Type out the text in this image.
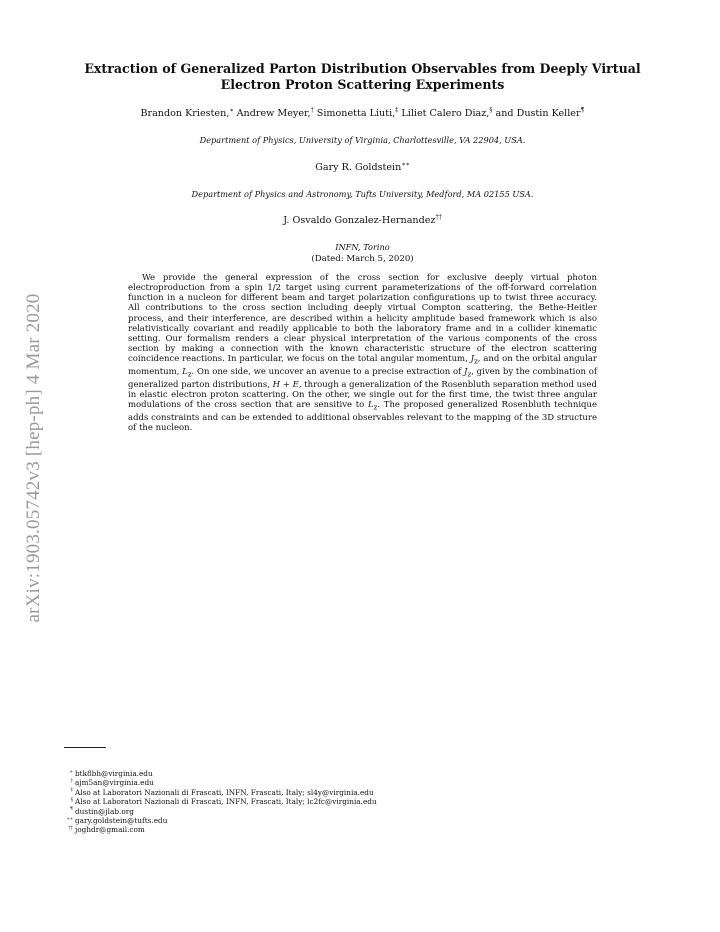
arXiv:1903.05742v3 [hep-ph] 4 Mar 2020
Extraction of Generalized Parton Distribution Observables from Deeply Virtual
Electron Proton Scattering Experiments
Brandon Kriesten,∗ Andrew Meyer,† Simonetta Liuti,‡ Liliet Calero Diaz,§ and Dustin Keller¶
Department of Physics, University of Virginia, Charlottesville, VA 22904, USA.
Gary R. Goldstein∗∗
Department of Physics and Astronomy, Tufts University, Medford, MA 02155 USA.
J. Osvaldo Gonzalez-Hernandez††
INFN, Torino
(Dated: March 5, 2020)
We provide the general expression of the cross section for exclusive deeply virtual photon electroproduction from a spin 1/2 target using current parameterizations of the off-forward correlation function in a nucleon for different beam and target polarization configurations up to twist three accuracy. All contributions to the cross section including deeply virtual Compton scattering, the Bethe-Heitler process, and their interference, are described within a helicity amplitude based framework which is also relativistically covariant and readily applicable to both the laboratory frame and in a collider kinematic setting. Our formalism renders a clear physical interpretation of the various components of the cross section by making a connection with the known characteristic structure of the electron scattering coincidence reactions. In particular, we focus on the total angular momentum, $J_z$, and on the orbital angular momentum, $L_z$. On one side, we uncover an avenue to a precise extraction of $J_z$, given by the combination of generalized parton distributions, H + E, through a generalization of the Rosenbluth separation method used in elastic electron proton scattering. On the other, we single out for the first time, the twist three angular modulations of the cross section that are sensitive to $L_z$. The proposed generalized Rosenbluth technique adds constraints and can be extended to additional observables relevant to the mapping of the 3D structure of the nucleon.
∗ btk8bh@virginia.edu
† ajm5an@virginia.edu
‡ Also at Laboratori Nazionali di Frascati, INFN, Frascati, Italy; sl4y@virginia.edu
§ Also at Laboratori Nazionali di Frascati, INFN, Frascati, Italy; lc2fc@virginia.edu
¶ dustin@jlab.org
∗∗ gary.goldstein@tufts.edu
†† joghdr@gmail.com
